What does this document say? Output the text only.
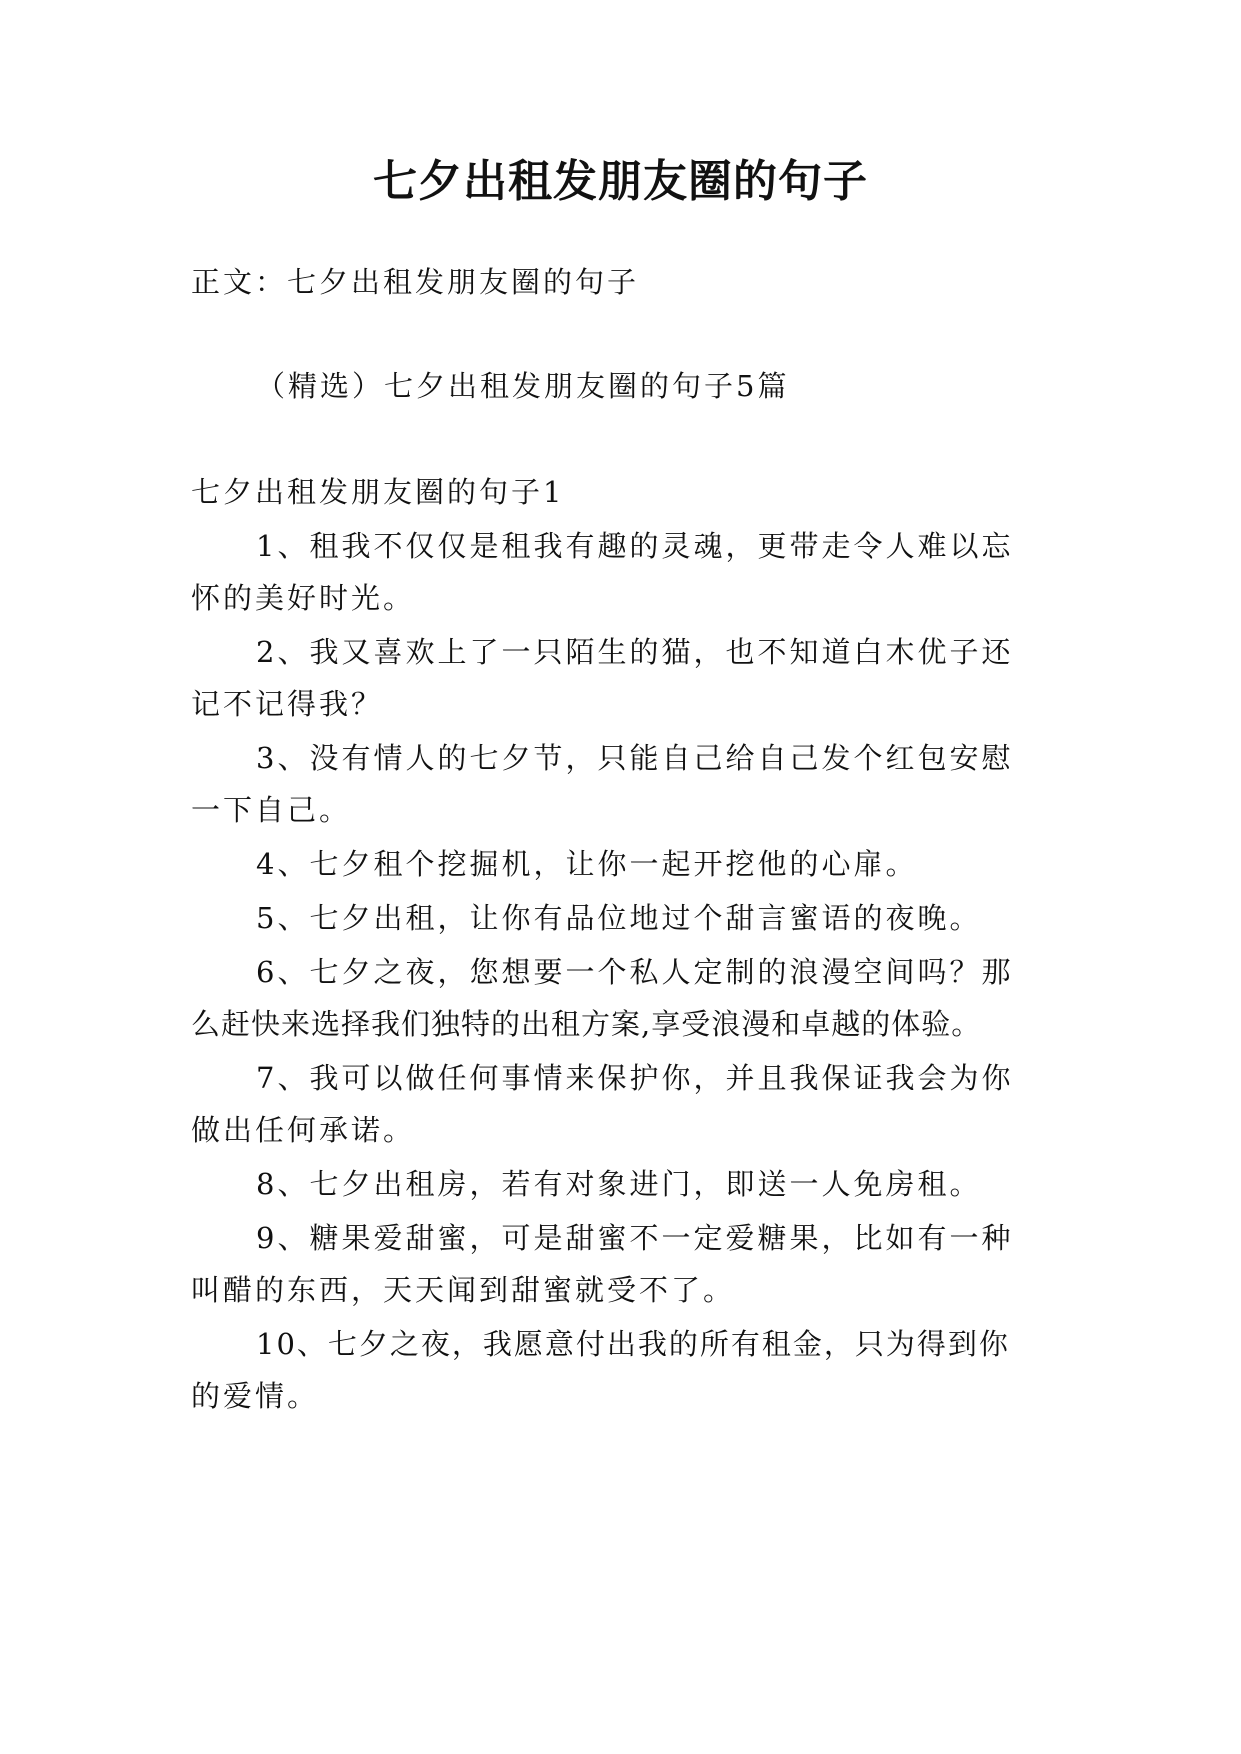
七夕出租发朋友圈的句子

正文：七夕出租发朋友圈的句子

（精选）七夕出租发朋友圈的句子5篇

七夕出租发朋友圈的句子1

1、租我不仅仅是租我有趣的灵魂，更带走令人难以忘

怀的美好时光。

2、我又喜欢上了一只陌生的猫，也不知道白木优子还

记不记得我？

3、没有情人的七夕节，只能自己给自己发个红包安慰

一下自己。

4、七夕租个挖掘机，让你一起开挖他的心扉。

5、七夕出租，让你有品位地过个甜言蜜语的夜晚。

6、七夕之夜，您想要一个私人定制的浪漫空间吗？那

么赶快来选择我们独特的出租方案,享受浪漫和卓越的体验。

7、我可以做任何事情来保护你，并且我保证我会为你

做出任何承诺。

8、七夕出租房，若有对象进门，即送一人免房租。

9、糖果爱甜蜜，可是甜蜜不一定爱糖果，比如有一种

叫醋的东西，天天闻到甜蜜就受不了。

10、七夕之夜，我愿意付出我的所有租金，只为得到你

的爱情。
